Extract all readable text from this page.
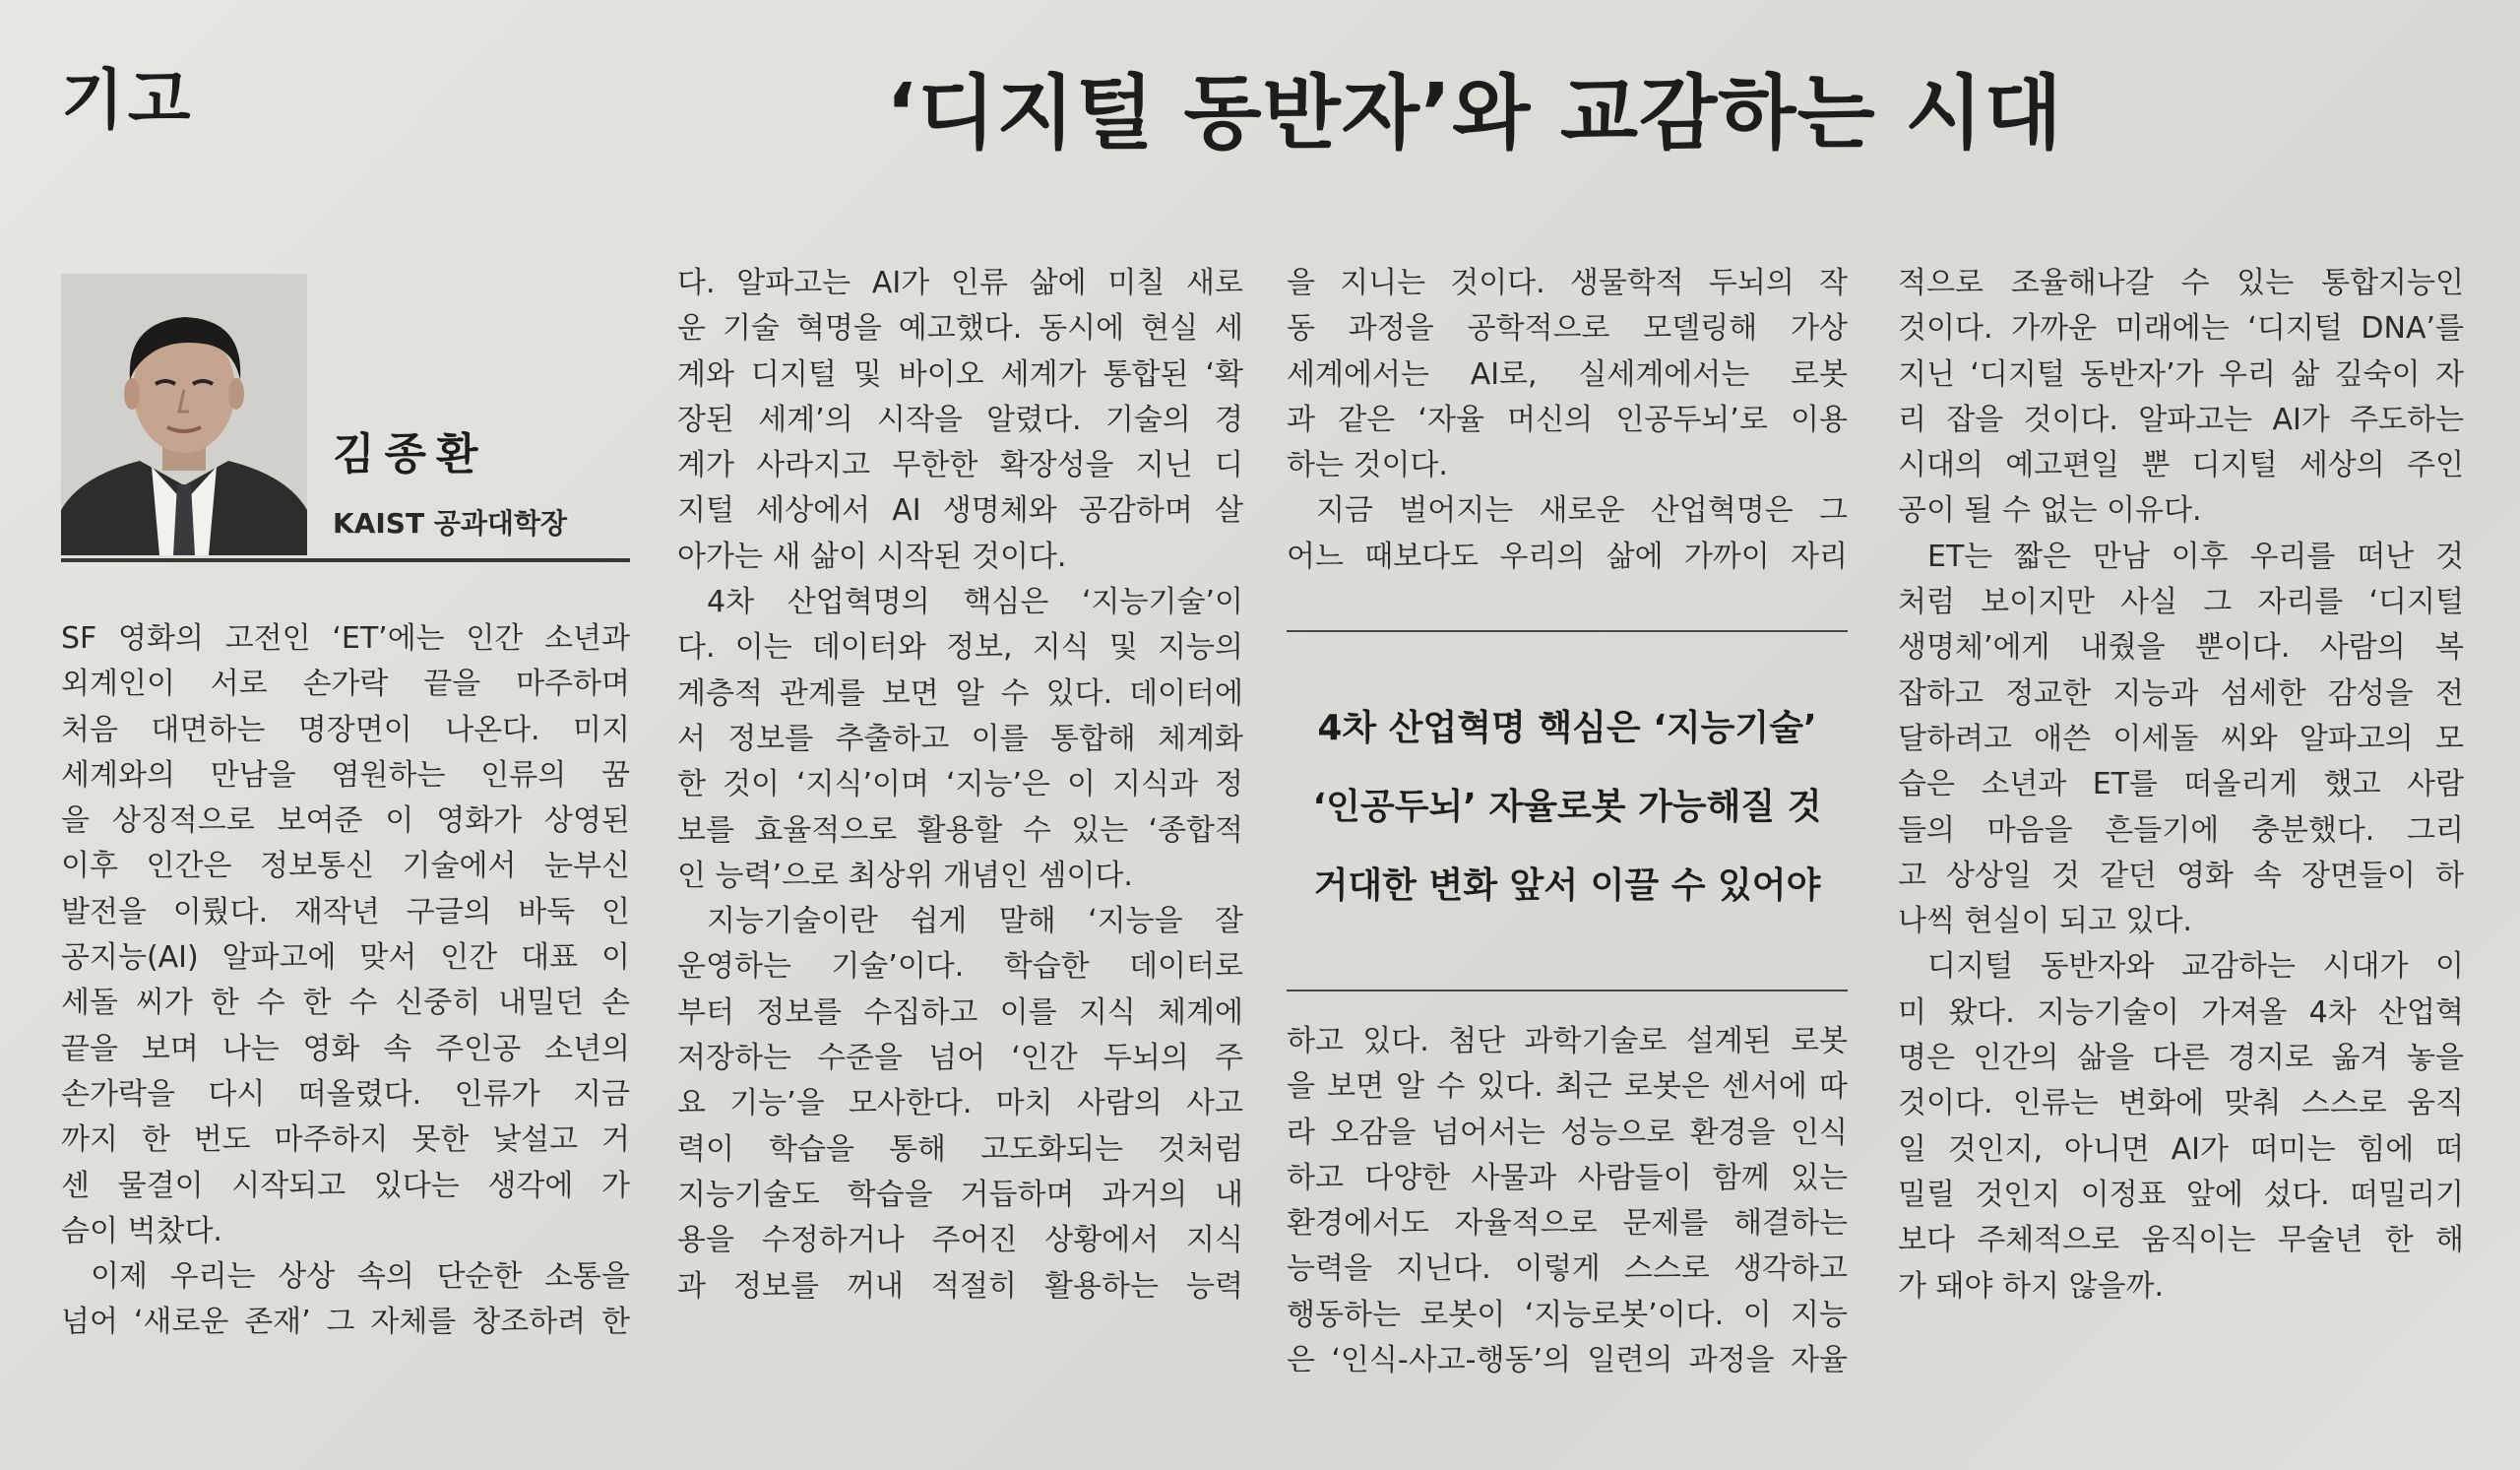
기고	‘디지털 동반자’와 교감하는 시대
김종환
KAIST 공과대학장
SF 영화의 고전인 ‘ET’에는 인간 소년과
외계인이 서로 손가락 끝을 마주하며
처음 대면하는 명장면이 나온다. 미지
세계와의 만남을 염원하는 인류의 꿈
을 상징적으로 보여준 이 영화가 상영된
이후 인간은 정보통신 기술에서 눈부신
발전을 이뤘다. 재작년 구글의 바둑 인
공지능(AI) 알파고에 맞서 인간 대표 이
세돌 씨가 한 수 한 수 신중히 내밀던 손
끝을 보며 나는 영화 속 주인공 소년의
손가락을 다시 떠올렸다. 인류가 지금
까지 한 번도 마주하지 못한 낯설고 거
센 물결이 시작되고 있다는 생각에 가
슴이 벅찼다.
이제 우리는 상상 속의 단순한 소통을
넘어 ‘새로운 존재’ 그 자체를 창조하려 한
다. 알파고는 AI가 인류 삶에 미칠 새로
운 기술 혁명을 예고했다. 동시에 현실 세
계와 디지털 및 바이오 세계가 통합된 ‘확
장된 세계’의 시작을 알렸다. 기술의 경
계가 사라지고 무한한 확장성을 지닌 디
지털 세상에서 AI 생명체와 공감하며 살
아가는 새 삶이 시작된 것이다.
4차 산업혁명의 핵심은 ‘지능기술’이
다. 이는 데이터와 정보, 지식 및 지능의
계층적 관계를 보면 알 수 있다. 데이터에
서 정보를 추출하고 이를 통합해 체계화
한 것이 ‘지식’이며 ‘지능’은 이 지식과 정
보를 효율적으로 활용할 수 있는 ‘종합적
인 능력’으로 최상위 개념인 셈이다.
지능기술이란 쉽게 말해 ‘지능을 잘
운영하는 기술’이다. 학습한 데이터로
부터 정보를 수집하고 이를 지식 체계에
저장하는 수준을 넘어 ‘인간 두뇌의 주
요 기능’을 모사한다. 마치 사람의 사고
력이 학습을 통해 고도화되는 것처럼
지능기술도 학습을 거듭하며 과거의 내
용을 수정하거나 주어진 상황에서 지식
과 정보를 꺼내 적절히 활용하는 능력
을 지니는 것이다. 생물학적 두뇌의 작
동 과정을 공학적으로 모델링해 가상
세계에서는 AI로, 실세계에서는 로봇
과 같은 ‘자율 머신의 인공두뇌’로 이용
하는 것이다.
지금 벌어지는 새로운 산업혁명은 그
어느 때보다도 우리의 삶에 가까이 자리
4차 산업혁명 핵심은 ‘지능기술’
‘인공두뇌’ 자율로봇 가능해질 것
거대한 변화 앞서 이끌 수 있어야
하고 있다. 첨단 과학기술로 설계된 로봇
을 보면 알 수 있다. 최근 로봇은 센서에 따
라 오감을 넘어서는 성능으로 환경을 인식
하고 다양한 사물과 사람들이 함께 있는
환경에서도 자율적으로 문제를 해결하는
능력을 지닌다. 이렇게 스스로 생각하고
행동하는 로봇이 ‘지능로봇’이다. 이 지능
은 ‘인식-사고-행동’의 일련의 과정을 자율
적으로 조율해나갈 수 있는 통합지능인
것이다. 가까운 미래에는 ‘디지털 DNA’를
지닌 ‘디지털 동반자’가 우리 삶 깊숙이 자
리 잡을 것이다. 알파고는 AI가 주도하는
시대의 예고편일 뿐 디지털 세상의 주인
공이 될 수 없는 이유다.
ET는 짧은 만남 이후 우리를 떠난 것
처럼 보이지만 사실 그 자리를 ‘디지털
생명체’에게 내줬을 뿐이다. 사람의 복
잡하고 정교한 지능과 섬세한 감성을 전
달하려고 애쓴 이세돌 씨와 알파고의 모
습은 소년과 ET를 떠올리게 했고 사람
들의 마음을 흔들기에 충분했다. 그리
고 상상일 것 같던 영화 속 장면들이 하
나씩 현실이 되고 있다.
디지털 동반자와 교감하는 시대가 이
미 왔다. 지능기술이 가져올 4차 산업혁
명은 인간의 삶을 다른 경지로 옮겨 놓을
것이다. 인류는 변화에 맞춰 스스로 움직
일 것인지, 아니면 AI가 떠미는 힘에 떠
밀릴 것인지 이정표 앞에 섰다. 떠밀리기
보다 주체적으로 움직이는 무술년 한 해
가 돼야 하지 않을까.
